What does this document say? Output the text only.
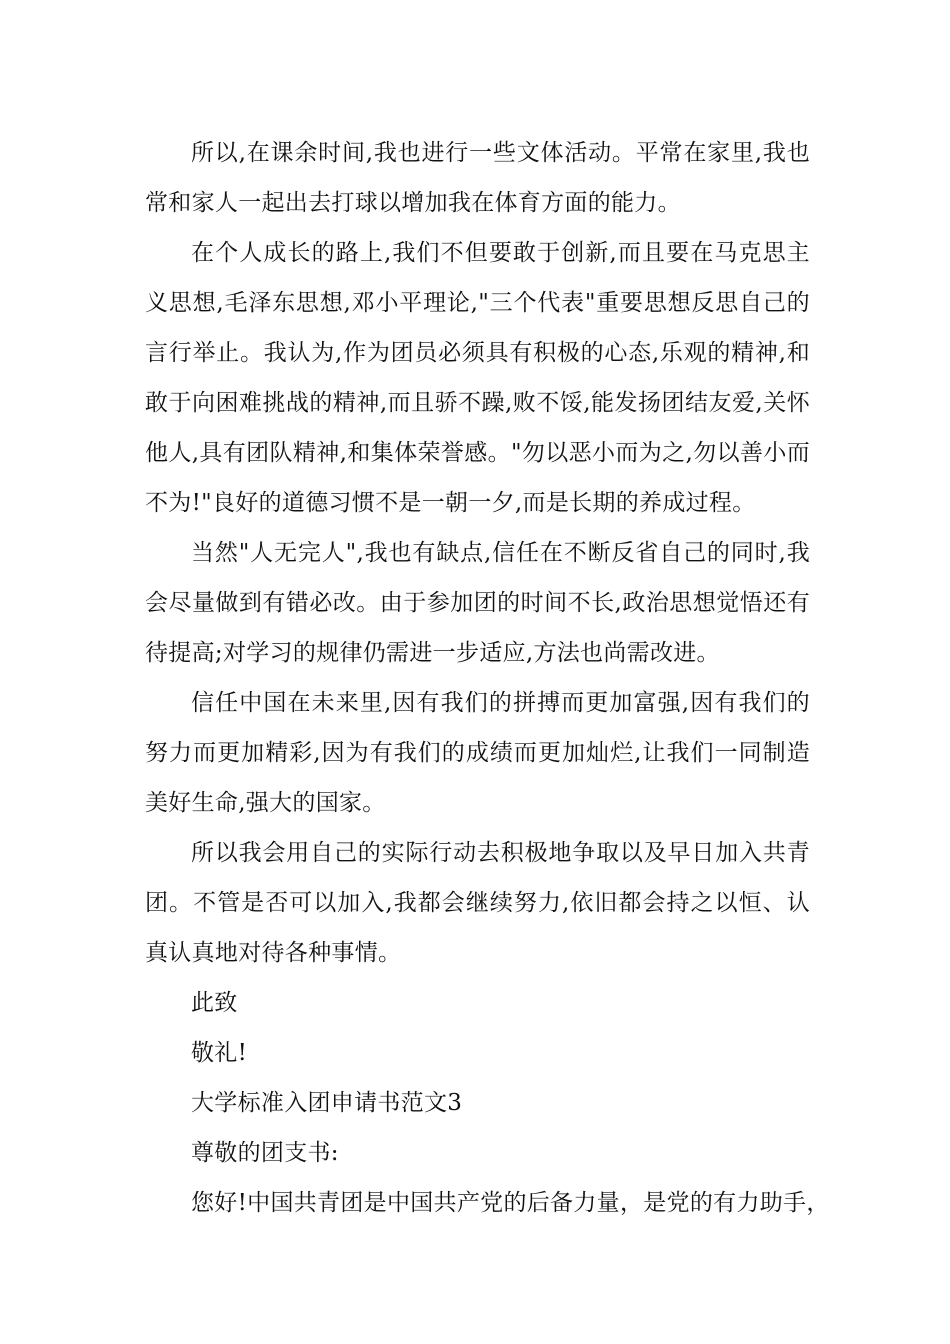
所以,在课余时间,我也进行一些文体活动。平常在家里,我也常和家人一起出去打球以增加我在体育方面的能力。

在个人成长的路上,我们不但要敢于创新,而且要在马克思主义思想,毛泽东思想,邓小平理论,"三个代表"重要思想反思自己的言行举止。我认为,作为团员必须具有积极的心态,乐观的精神,和敢于向困难挑战的精神,而且骄不躁,败不馁,能发扬团结友爱,关怀他人,具有团队精神,和集体荣誉感。"勿以恶小而为之,勿以善小而不为!"良好的道德习惯不是一朝一夕,而是长期的养成过程。

当然"人无完人",我也有缺点,信任在不断反省自己的同时,我会尽量做到有错必改。由于参加团的时间不长,政治思想觉悟还有待提高;对学习的规律仍需进一步适应,方法也尚需改进。

信任中国在未来里,因有我们的拼搏而更加富强,因有我们的努力而更加精彩,因为有我们的成绩而更加灿烂,让我们一同制造美好生命,强大的国家。

所以我会用自己的实际行动去积极地争取以及早日加入共青团。不管是否可以加入,我都会继续努力,依旧都会持之以恒、认真认真地对待各种事情。

此致

敬礼!

大学标准入团申请书范文3

尊敬的团支书:

您好!中国共青团是中国共产党的后备力量，是党的有力助手，
